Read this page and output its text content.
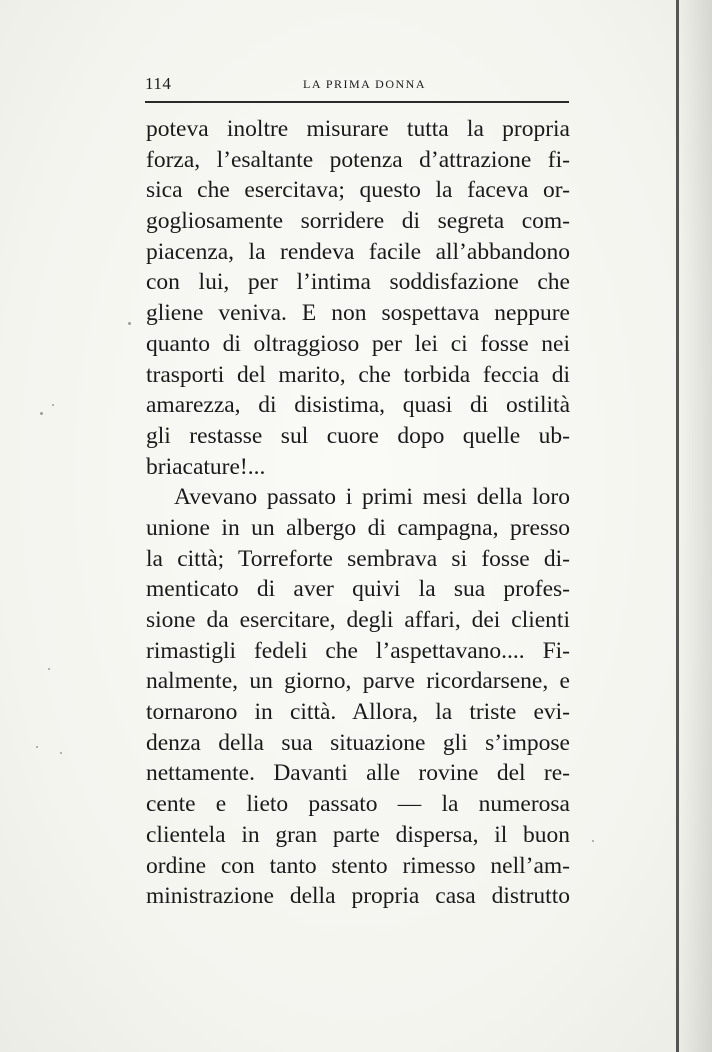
114	LA PRIMA DONNA
poteva inoltre misurare tutta la propria
forza, l’esaltante potenza d’attrazione fi-
sica che esercitava; questo la faceva or-
gogliosamente sorridere di segreta com-
piacenza, la rendeva facile all’abbandono
con lui, per l’intima soddisfazione che
gliene veniva. E non sospettava neppure
quanto di oltraggioso per lei ci fosse nei
trasporti del marito, che torbida feccia di
amarezza, di disistima, quasi di ostilità
gli restasse sul cuore dopo quelle ub-
briacature!...
Avevano passato i primi mesi della loro
unione in un albergo di campagna, presso
la città; Torreforte sembrava si fosse di-
menticato di aver quivi la sua profes-
sione da esercitare, degli affari, dei clienti
rimastigli fedeli che l’aspettavano.... Fi-
nalmente, un giorno, parve ricordarsene, e
tornarono in città. Allora, la triste evi-
denza della sua situazione gli s’impose
nettamente. Davanti alle rovine del re-
cente e lieto passato — la numerosa
clientela in gran parte dispersa, il buon
ordine con tanto stento rimesso nell’am-
ministrazione della propria casa distrutto
